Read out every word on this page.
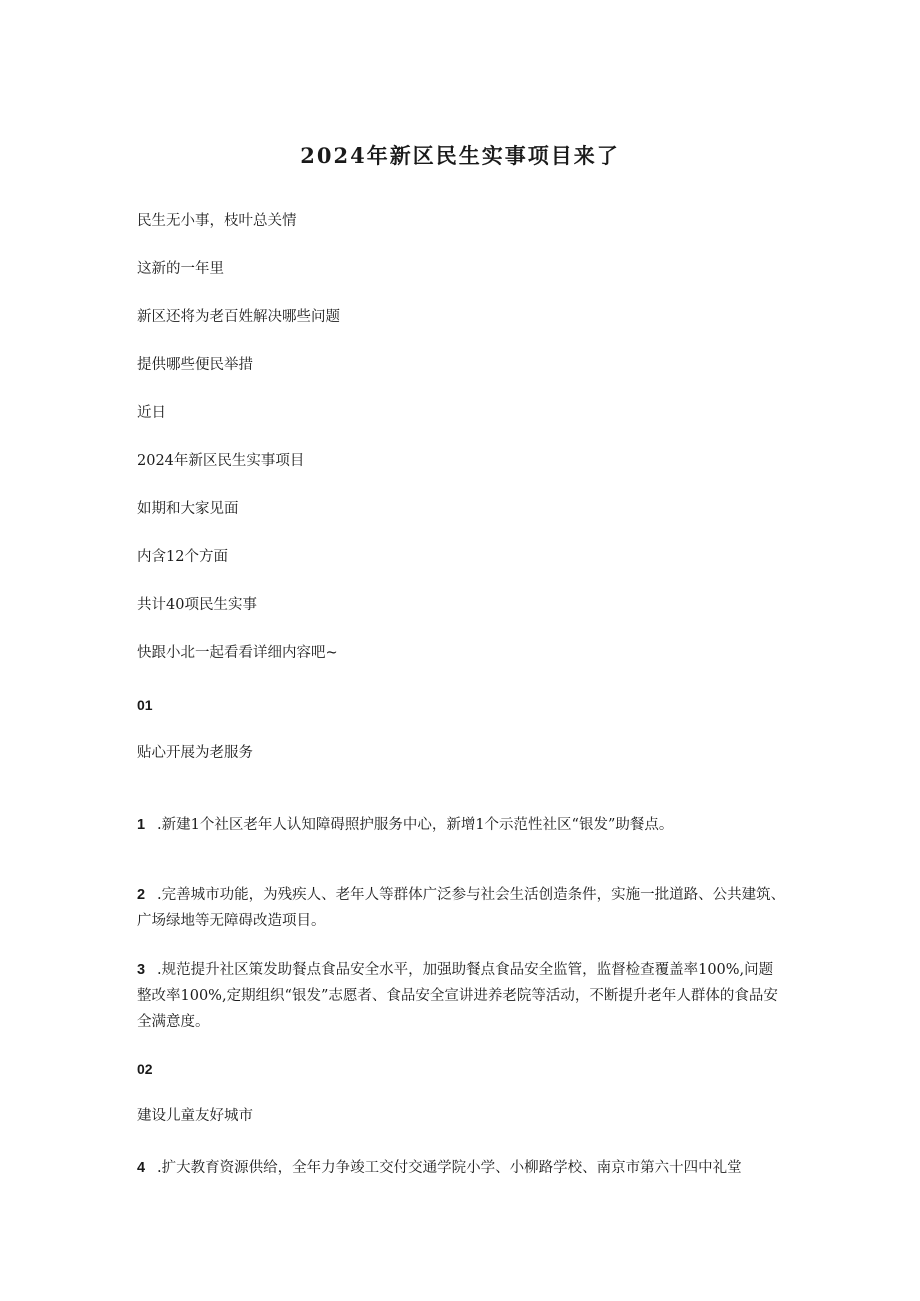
2024年新区民生实事项目来了
民生无小事，枝叶总关情
这新的一年里
新区还将为老百姓解决哪些问题
提供哪些便民举措
近日
2024年新区民生实事项目
如期和大家见面
内含12个方面
共计40项民生实事
快跟小北一起看看详细内容吧~
01
贴心开展为老服务
1 .新建1个社区老年人认知障碍照护服务中心，新增1个示范性社区“银发”助餐点。
2 .完善城市功能，为残疾人、老年人等群体广泛参与社会生活创造条件，实施一批道路、公共建筑、广场绿地等无障碍改造项目。
3 .规范提升社区策发助餐点食品安全水平，加强助餐点食品安全监管，监督检查覆盖率100%,问题整改率100%,定期组织“银发”志愿者、食品安全宣讲进养老院等活动，不断提升老年人群体的食品安全满意度。
02
建设儿童友好城市
4 .扩大教育资源供给，全年力争竣工交付交通学院小学、小柳路学校、南京市第六十四中礼堂
